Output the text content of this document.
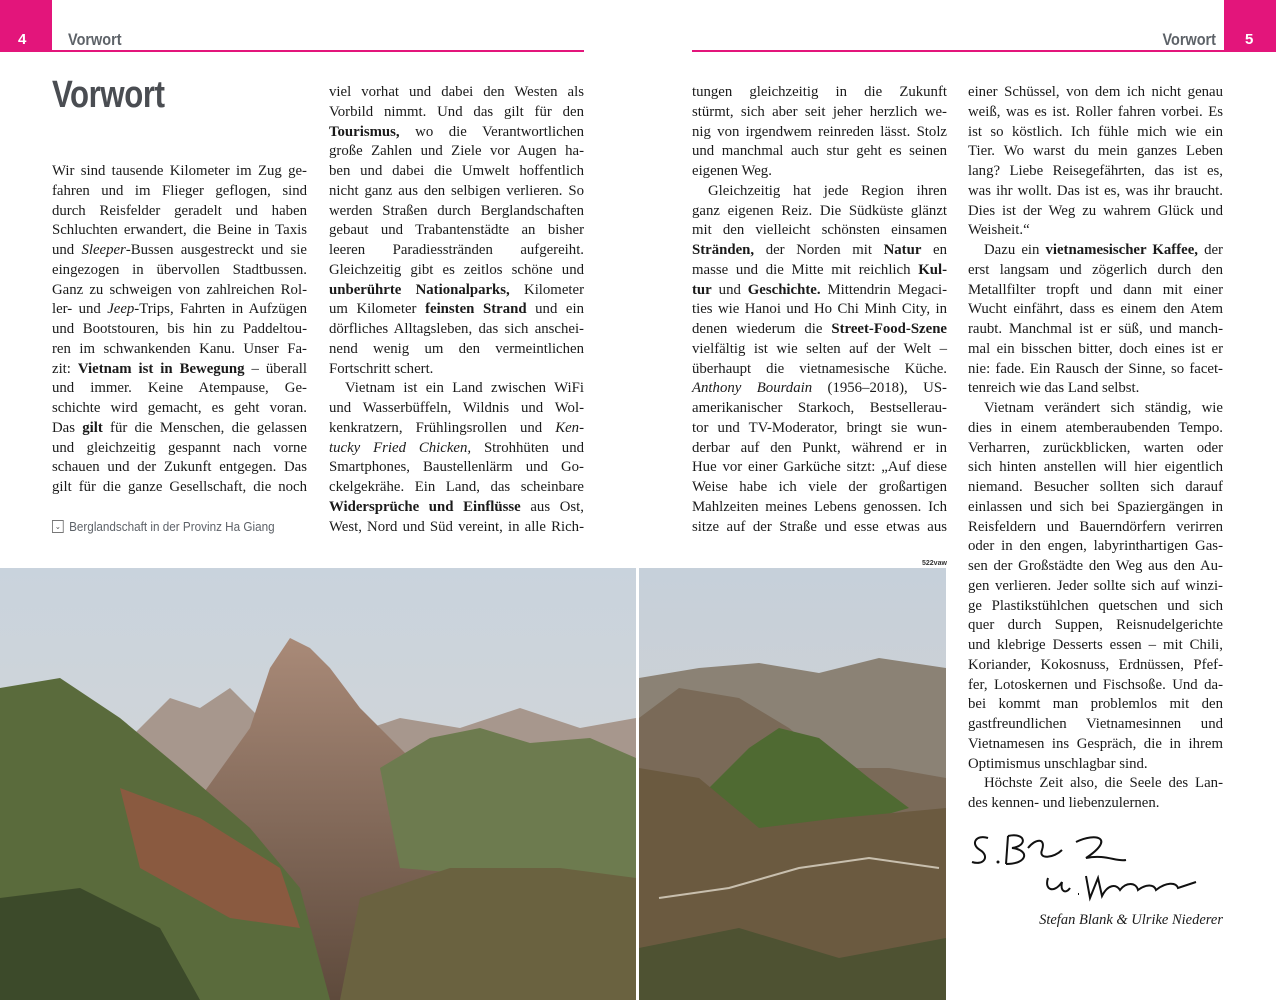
4 Vorwort	Vorwort 5
Vorwort
Wir sind tausende Kilometer im Zug ge-
fahren und im Flieger geflogen, sind
durch Reisfelder geradelt und haben
Schluchten erwandert, die Beine in Taxis
und Sleeper-Bussen ausgestreckt und sie
eingezogen in übervollen Stadtbussen.
Ganz zu schweigen von zahlreichen Rol-
ler- und Jeep-Trips, Fahrten in Aufzügen
und Bootstouren, bis hin zu Paddeltou-
ren im schwankenden Kanu. Unser Fa-
zit: Vietnam ist in Bewegung – überall
und immer. Keine Atempause, Ge-
schichte wird gemacht, es geht voran.
Das gilt für die Menschen, die gelassen
und gleichzeitig gespannt nach vorne
schauen und der Zukunft entgegen. Das
gilt für die ganze Gesellschaft, die noch
viel vorhat und dabei den Westen als
Vorbild nimmt. Und das gilt für den
Tourismus, wo die Verantwortlichen
große Zahlen und Ziele vor Augen ha-
ben und dabei die Umwelt hoffentlich
nicht ganz aus den selbigen verlieren. So
werden Straßen durch Berglandschaften
gebaut und Trabantenstädte an bisher
leeren Paradiesstränden aufgereiht.
Gleichzeitig gibt es zeitlos schöne und
unberührte Nationalparks, Kilometer
um Kilometer feinsten Strand und ein
dörfliches Alltagsleben, das sich anschei-
nend wenig um den vermeintlichen
Fortschritt schert.
Vietnam ist ein Land zwischen WiFi
und Wasserbüffeln, Wildnis und Wol-
kenkratzern, Frühlingsrollen und Ken-
tucky Fried Chicken, Strohhüten und
Smartphones, Baustellenlärm und Go-
ckelgekrähe. Ein Land, das scheinbare
Widersprüche und Einflüsse aus Ost,
West, Nord und Süd vereint, in alle Rich-
tungen gleichzeitig in die Zukunft
stürmt, sich aber seit jeher herzlich we-
nig von irgendwem reinreden lässt. Stolz
und manchmal auch stur geht es seinen
eigenen Weg.
Gleichzeitig hat jede Region ihren
ganz eigenen Reiz. Die Südküste glänzt
mit den vielleicht schönsten einsamen
Stränden, der Norden mit Natur en
masse und die Mitte mit reichlich Kul-
tur und Geschichte. Mittendrin Megaci-
ties wie Hanoi und Ho Chi Minh City, in
denen wiederum die Street-Food-Szene
vielfältig ist wie selten auf der Welt –
überhaupt die vietnamesische Küche.
Anthony Bourdain (1956–2018), US-
amerikanischer Starkoch, Bestsellerau-
tor und TV-Moderator, bringt sie wun-
derbar auf den Punkt, während er in
Hue vor einer Garküche sitzt: „Auf diese
Weise habe ich viele der großartigen
Mahlzeiten meines Lebens genossen. Ich
sitze auf der Straße und esse etwas aus
einer Schüssel, von dem ich nicht genau
weiß, was es ist. Roller fahren vorbei. Es
ist so köstlich. Ich fühle mich wie ein
Tier. Wo warst du mein ganzes Leben
lang? Liebe Reisegefährten, das ist es,
was ihr wollt. Das ist es, was ihr braucht.
Dies ist der Weg zu wahrem Glück und
Weisheit.“
Dazu ein vietnamesischer Kaffee, der
erst langsam und zögerlich durch den
Metallfilter tropft und dann mit einer
Wucht einfährt, dass es einem den Atem
raubt. Manchmal ist er süß, und manch-
mal ein bisschen bitter, doch eines ist er
nie: fade. Ein Rausch der Sinne, so facet-
tenreich wie das Land selbst.
Vietnam verändert sich ständig, wie
dies in einem atemberaubenden Tempo.
Verharren, zurückblicken, warten oder
sich hinten anstellen will hier eigentlich
niemand. Besucher sollten sich darauf
einlassen und sich bei Spaziergängen in
Reisfeldern und Bauerndörfern verirren
oder in den engen, labyrinthartigen Gas-
sen der Großstädte den Weg aus den Au-
gen verlieren. Jeder sollte sich auf winzi-
ge Plastikstühlchen quetschen und sich
quer durch Suppen, Reisnudelgerichte
und klebrige Desserts essen – mit Chili,
Koriander, Kokosnuss, Erdnüssen, Pfef-
fer, Lotoskernen und Fischsoße. Und da-
bei kommt man problemlos mit den
gastfreundlichen Vietnamesinnen und
Vietnamesen ins Gespräch, die in ihrem
Optimismus unschlagbar sind.
Höchste Zeit also, die Seele des Lan-
des kennen- und liebenzulernen.
⌄ Berglandschaft in der Provinz Ha Giang
522vaw
Stefan Blank & Ulrike Niederer
